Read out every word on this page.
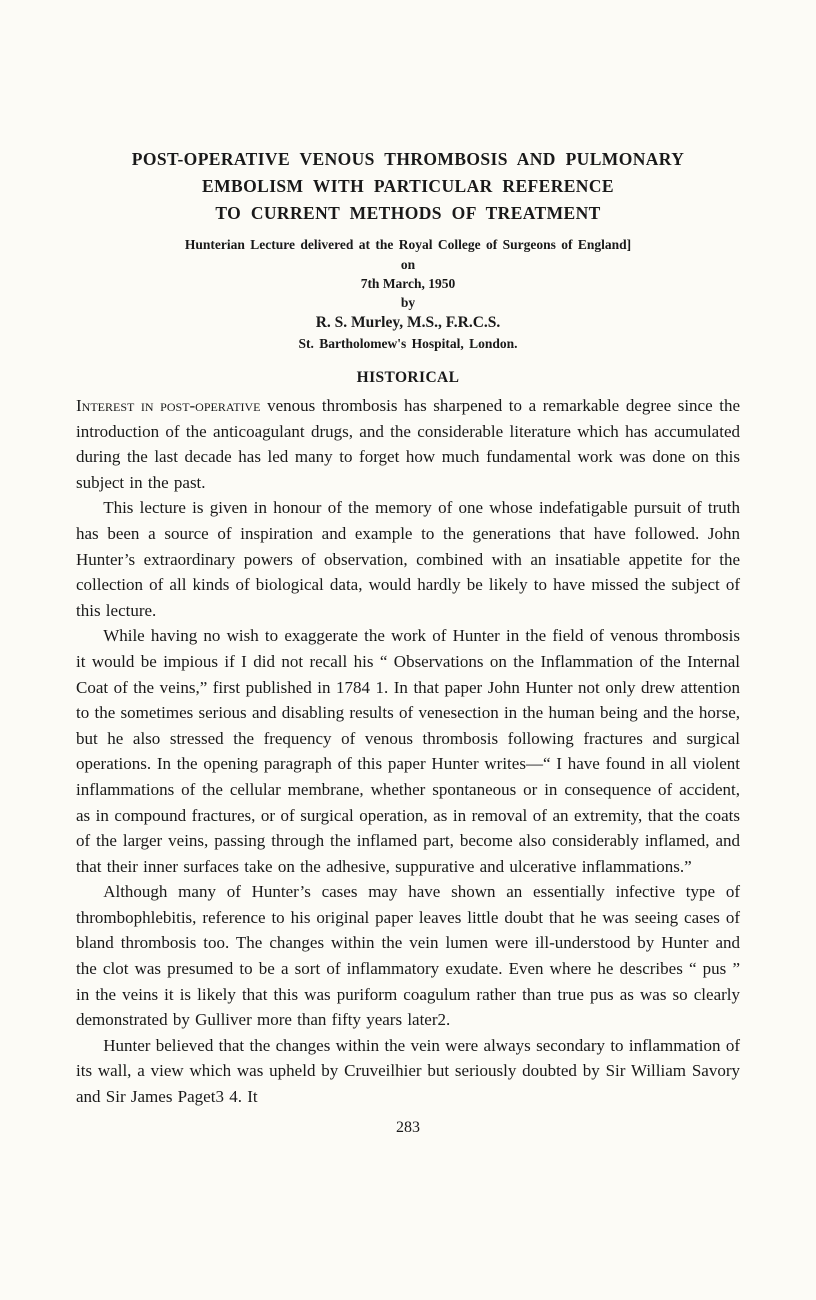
POST-OPERATIVE VENOUS THROMBOSIS AND PULMONARY
EMBOLISM WITH PARTICULAR REFERENCE
TO CURRENT METHODS OF TREATMENT
Hunterian Lecture delivered at the Royal College of Surgeons of England]
on
7th March, 1950
by
R. S. Murley, M.S., F.R.C.S.
St. Bartholomew's Hospital, London.
HISTORICAL

Interest in post-operative venous thrombosis has sharpened to a remarkable degree since the introduction of the anticoagulant drugs, and the considerable literature which has accumulated during the last decade has led many to forget how much fundamental work was done on this subject in the past.

This lecture is given in honour of the memory of one whose indefatigable pursuit of truth has been a source of inspiration and example to the generations that have followed. John Hunter’s extraordinary powers of observation, combined with an insatiable appetite for the collection of all kinds of biological data, would hardly be likely to have missed the subject of this lecture.

While having no wish to exaggerate the work of Hunter in the field of venous thrombosis it would be impious if I did not recall his “ Observations on the Inflammation of the Internal Coat of the veins,” first published in 1784 1. In that paper John Hunter not only drew attention to the sometimes serious and disabling results of venesection in the human being and the horse, but he also stressed the frequency of venous thrombosis following fractures and surgical operations. In the opening paragraph of this paper Hunter writes—“ I have found in all violent inflammations of the cellular membrane, whether spontaneous or in consequence of accident, as in compound fractures, or of surgical operation, as in removal of an extremity, that the coats of the larger veins, passing through the inflamed part, become also considerably inflamed, and that their inner surfaces take on the adhesive, suppurative and ulcerative inflammations.”

Although many of Hunter’s cases may have shown an essentially infective type of thrombophlebitis, reference to his original paper leaves little doubt that he was seeing cases of bland thrombosis too. The changes within the vein lumen were ill-understood by Hunter and the clot was presumed to be a sort of inflammatory exudate. Even where he describes “ pus ” in the veins it is likely that this was puriform coagulum rather than true pus as was so clearly demonstrated by Gulliver more than fifty years later2.

Hunter believed that the changes within the vein were always secondary to inflammation of its wall, a view which was upheld by Cruveilhier but seriously doubted by Sir William Savory and Sir James Paget3 4. It

283
